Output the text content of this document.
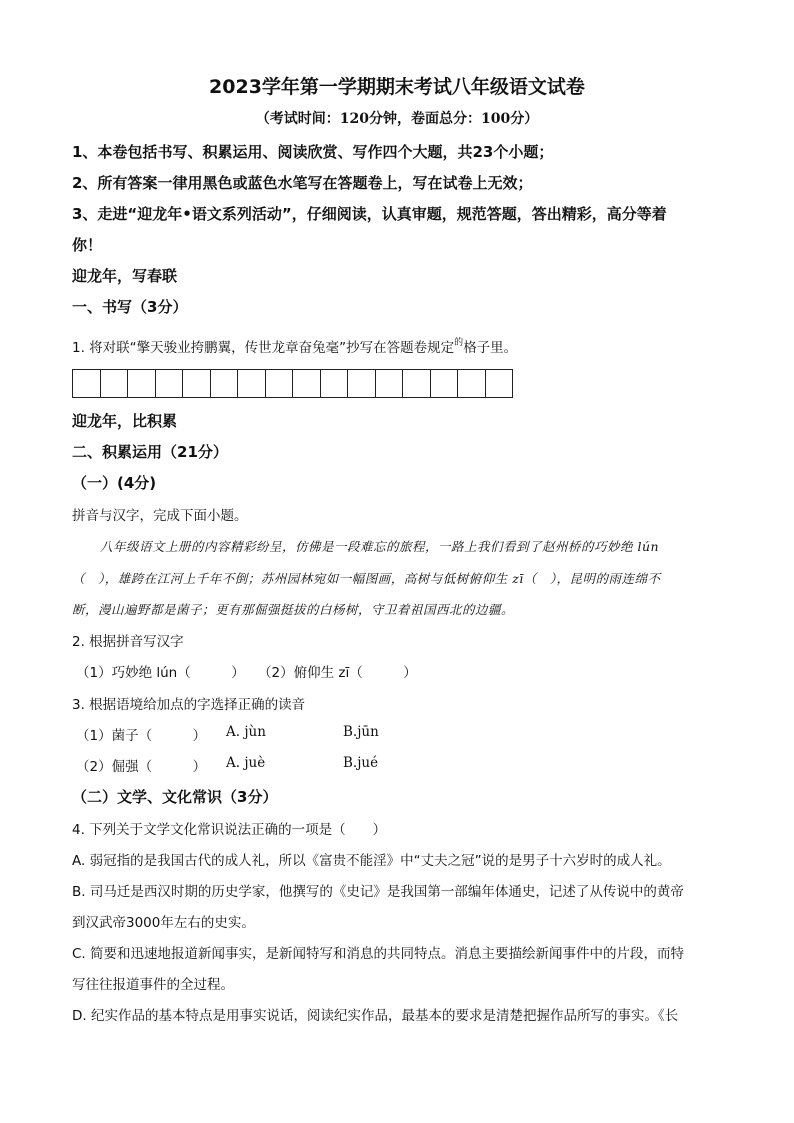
2023学年第一学期期末考试八年级语文试卷
（考试时间：120分钟，卷面总分：100分）
1、本卷包括书写、积累运用、阅读欣赏、写作四个大题，共23个小题；
2、所有答案一律用黑色或蓝色水笔写在答题卷上，写在试卷上无效；
3、走进“迎龙年•语文系列活动”，仔细阅读，认真审题，规范答题，答出精彩，高分等着
你！
迎龙年，写春联
一、书写（3分）
1. 将对联“擎天骏业挎鹏翼，传世龙章奋兔毫”抄写在答题卷规定$^的$格子里。
迎龙年，比积累
二、积累运用（21分）
（一）(4分)
拼音与汉字，完成下面小题。
八年级语文上册的内容精彩纷呈，仿佛是一段难忘的旅程，一路上我们看到了赵州桥的巧妙绝 lún
（　），雄跨在江河上千年不倒；苏州园林宛如一幅图画，高树与低树俯仰生 zī（　），昆明的雨连绵不
断，漫山遍野都是菌子；更有那倔强挺拔的白杨树，守卫着祖国西北的边疆。
2. 根据拼音写汉字
（1）巧妙绝 lún（　　　） （2）俯仰生 zī（　　　）
3. 根据语境给加点的字选择正确的读音
（1）菌子（　　　） A. jùn	B.jūn
（2）倔强（　　　） A. juè	B.jué
（二）文学、文化常识（3分）
4. 下列关于文学文化常识说法正确的一项是（　　）
A. 弱冠指的是我国古代的成人礼，所以《富贵不能淫》中“丈夫之冠”说的是男子十六岁时的成人礼。
B. 司马迁是西汉时期的历史学家，他撰写的《史记》是我国第一部编年体通史，记述了从传说中的黄帝
到汉武帝3000年左右的史实。
C. 简要和迅速地报道新闻事实，是新闻特写和消息的共同特点。消息主要描绘新闻事件中的片段，而特
写往往报道事件的全过程。
D. 纪实作品的基本特点是用事实说话，阅读纪实作品，最基本的要求是清楚把握作品所写的事实。《长
